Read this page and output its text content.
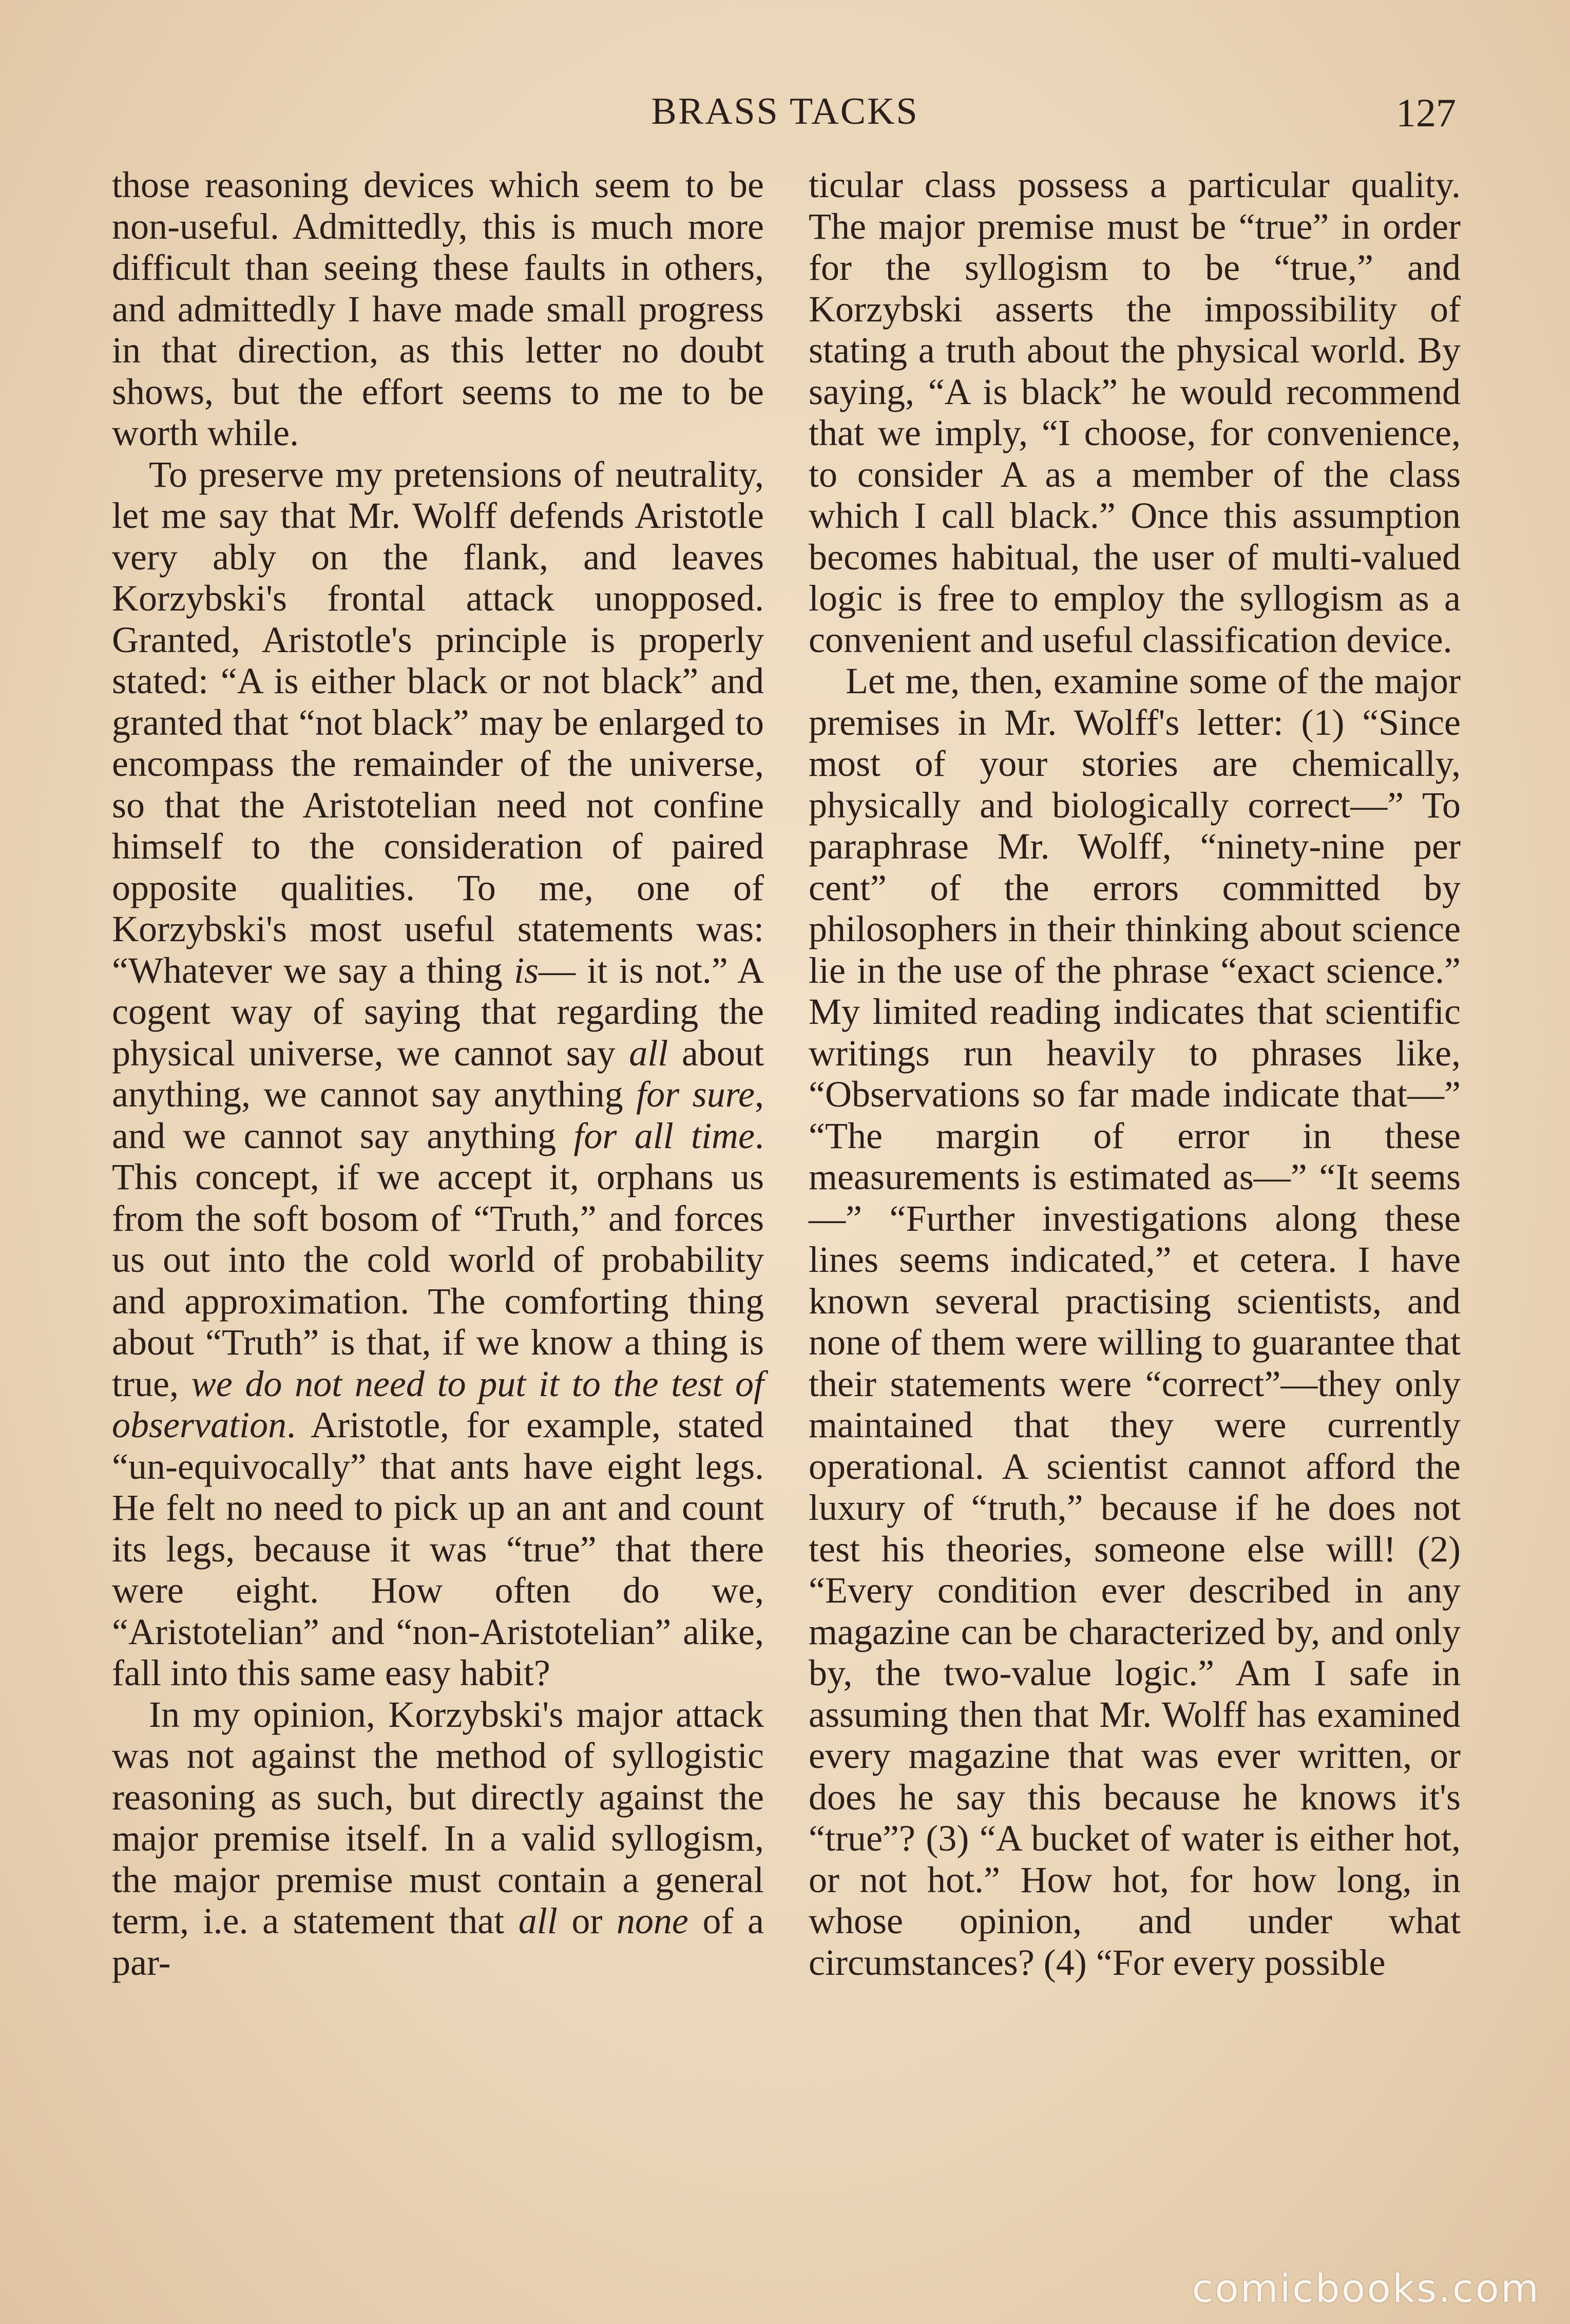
BRASS TACKS	127

those reasoning devices which seem to be non-useful. Admittedly, this is much more difficult than seeing these faults in others, and admittedly I have made small progress in that direction, as this letter no doubt shows, but the effort seems to me to be worth while.

To preserve my pretensions of neutrality, let me say that Mr. Wolff defends Aristotle very ably on the flank, and leaves Korzybski's frontal attack unopposed. Granted, Aristotle's principle is properly stated: “A is either black or not black” and granted that “not black” may be enlarged to encompass the remainder of the universe, so that the Aristotelian need not confine himself to the consideration of paired opposite qualities. To me, one of Korzybski's most useful statements was: “Whatever we say a thing is— it is not.” A cogent way of saying that regarding the physical universe, we cannot say all about anything, we cannot say anything for sure, and we cannot say anything for all time. This concept, if we accept it, orphans us from the soft bosom of “Truth,” and forces us out into the cold world of probability and approximation. The comforting thing about “Truth” is that, if we know a thing is true, we do not need to put it to the test of observation. Aristotle, for example, stated “un-equivocally” that ants have eight legs. He felt no need to pick up an ant and count its legs, because it was “true” that there were eight. How often do we, “Aristotelian” and “non-Aristotelian” alike, fall into this same easy habit?

In my opinion, Korzybski's major attack was not against the method of syllogistic reasoning as such, but directly against the major premise itself. In a valid syllogism, the major premise must contain a general term, i.e. a statement that all or none of a par-

ticular class possess a particular quality. The major premise must be “true” in order for the syllogism to be “true,” and Korzybski asserts the impossibility of stating a truth about the physical world. By saying, “A is black” he would recommend that we imply, “I choose, for convenience, to consider A as a member of the class which I call black.” Once this assumption becomes habitual, the user of multi-valued logic is free to employ the syllogism as a convenient and useful classification device.

Let me, then, examine some of the major premises in Mr. Wolff's letter: (1) “Since most of your stories are chemically, physically and biologically correct—” To paraphrase Mr. Wolff, “ninety-nine per cent” of the errors committed by philosophers in their thinking about science lie in the use of the phrase “exact science.” My limited reading indicates that scientific writings run heavily to phrases like, “Observations so far made indicate that—” “The margin of error in these measurements is estimated as—” “It seems—” “Further investigations along these lines seems indicated,” et cetera. I have known several practising scientists, and none of them were willing to guarantee that their statements were “correct”—they only maintained that they were currently operational. A scientist cannot afford the luxury of “truth,” because if he does not test his theories, someone else will! (2) “Every condition ever described in any magazine can be characterized by, and only by, the two-value logic.” Am I safe in assuming then that Mr. Wolff has examined every magazine that was ever written, or does he say this because he knows it's “true”? (3) “A bucket of water is either hot, or not hot.” How hot, for how long, in whose opinion, and under what circumstances? (4) “For every possible

comicbooks.com
